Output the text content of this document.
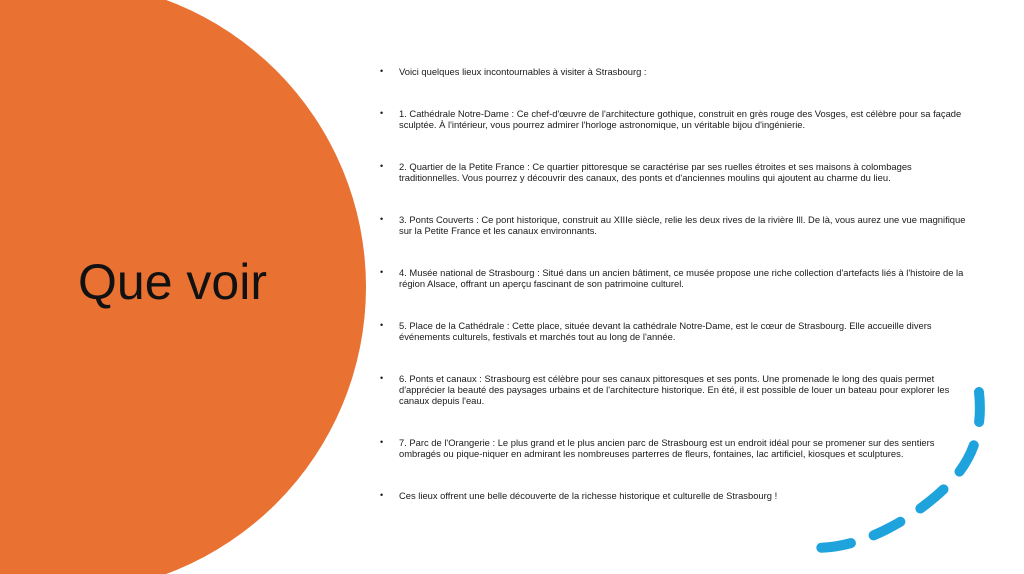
Que voir
• Voici quelques lieux incontournables à visiter à Strasbourg :
• 1. Cathédrale Notre-Dame : Ce chef-d'œuvre de l'architecture gothique, construit en grès rouge des Vosges, est célèbre pour sa façade sculptée. À l'intérieur, vous pourrez admirer l'horloge astronomique, un véritable bijou d'ingénierie.
• 2. Quartier de la Petite France : Ce quartier pittoresque se caractérise par ses ruelles étroites et ses maisons à colombages traditionnelles. Vous pourrez y découvrir des canaux, des ponts et d'anciennes moulins qui ajoutent au charme du lieu.
• 3. Ponts Couverts : Ce pont historique, construit au XIIIe siècle, relie les deux rives de la rivière Ill. De là, vous aurez une vue magnifique sur la Petite France et les canaux environnants.
• 4. Musée national de Strasbourg : Situé dans un ancien bâtiment, ce musée propose une riche collection d'artefacts liés à l'histoire de la région Alsace, offrant un aperçu fascinant de son patrimoine culturel.
• 5. Place de la Cathédrale : Cette place, située devant la cathédrale Notre-Dame, est le cœur de Strasbourg. Elle accueille divers événements culturels, festivals et marchés tout au long de l'année.
• 6. Ponts et canaux : Strasbourg est célèbre pour ses canaux pittoresques et ses ponts. Une promenade le long des quais permet d'apprécier la beauté des paysages urbains et de l'architecture historique. En été, il est possible de louer un bateau pour explorer les canaux depuis l'eau.
• 7. Parc de l'Orangerie : Le plus grand et le plus ancien parc de Strasbourg est un endroit idéal pour se promener sur des sentiers ombragés ou pique-niquer en admirant les nombreuses parterres de fleurs, fontaines, lac artificiel, kiosques et sculptures.
• Ces lieux offrent une belle découverte de la richesse historique et culturelle de Strasbourg !
